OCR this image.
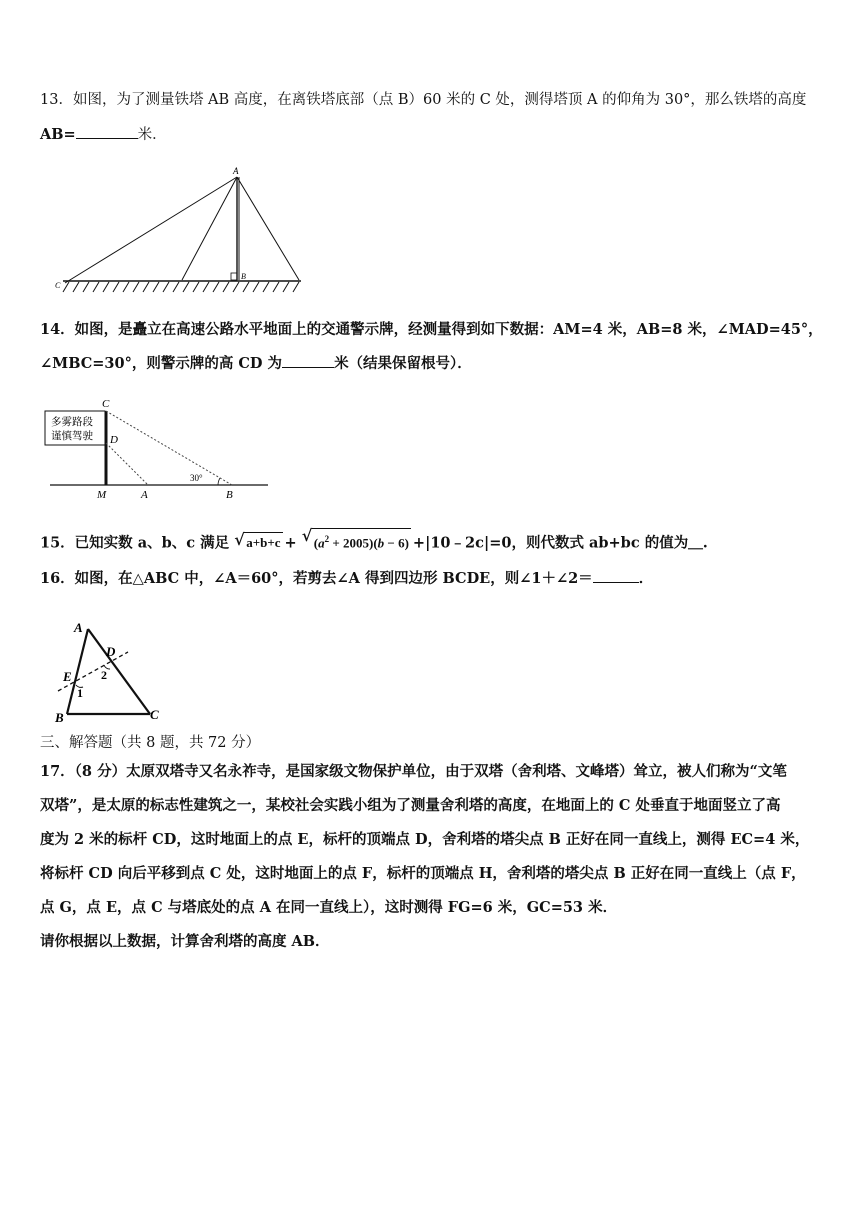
13．如图，为了测量铁塔 AB 高度，在离铁塔底部（点 B）60 米的 C 处，测得塔顶 A 的仰角为 30°，那么铁塔的高度
AB=	米．
A
B
C
14．如图，是矗立在高速公路水平地面上的交通警示牌，经测量得到如下数据：AM=4 米，AB=8 米，∠MAD=45°，
∠MBC=30°，则警示牌的高 CD 为	米（结果保留根号）．
多雾路段
谨慎驾驶
30°
C
D
M	A	B
15．已知实数 a、b、c 满足 √ a+b+c + √ $(a^2 + 2005)(b - 6)$ +|10﹣2c|=0，则代数式 ab+bc 的值为＿.
16．如图，在△ABC 中，∠A＝60°，若剪去∠A 得到四边形 BCDE，则∠1＋∠2＝	．
A
B	C
D
E
1
2
三、解答题（共 8 题，共 72 分）
17．（8 分）太原双塔寺又名永祚寺，是国家级文物保护单位，由于双塔（舍利塔、文峰塔）耸立，被人们称为“文笔
双塔”，是太原的标志性建筑之一，某校社会实践小组为了测量舍利塔的高度，在地面上的 C 处垂直于地面竖立了高
度为 2 米的标杆 CD，这时地面上的点 E，标杆的顶端点 D，舍利塔的塔尖点 B 正好在同一直线上，测得 EC=4 米，
将标杆 CD 向后平移到点 C 处，这时地面上的点 F，标杆的顶端点 H，舍利塔的塔尖点 B 正好在同一直线上（点 F，
点 G，点 E，点 C 与塔底处的点 A 在同一直线上），这时测得 FG=6 米，GC=53 米．
请你根据以上数据，计算舍利塔的高度 AB．
